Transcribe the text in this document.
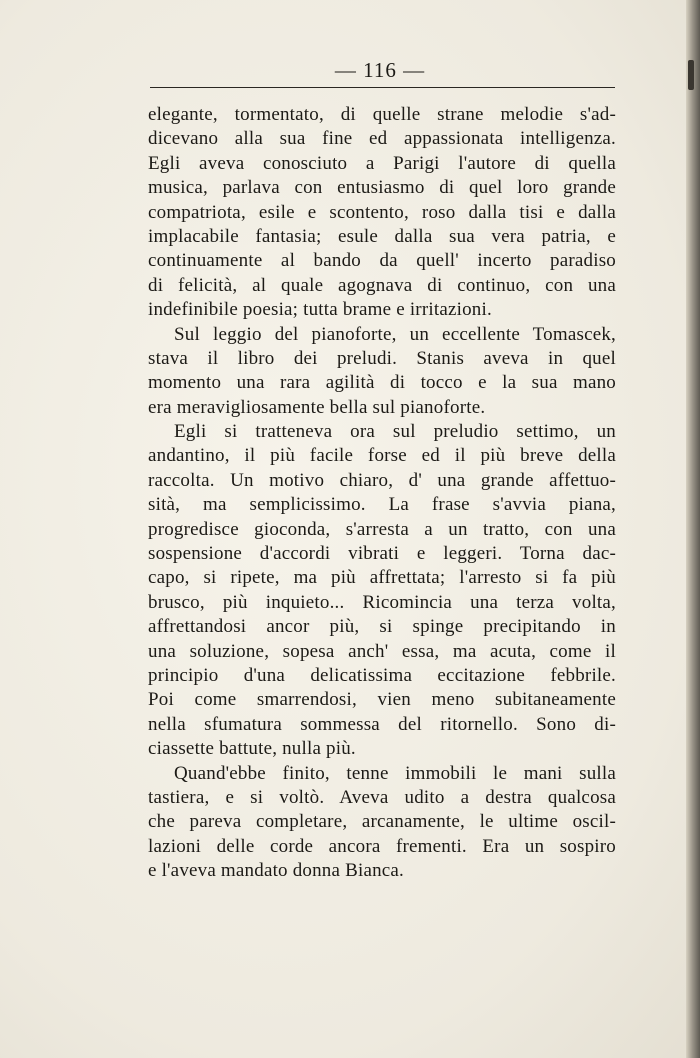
— 116 —
elegante, tormentato, di quelle strane melodie s'ad-
dicevano alla sua fine ed appassionata intelligenza.
Egli aveva conosciuto a Parigi l'autore di quella
musica, parlava con entusiasmo di quel loro grande
compatriota, esile e scontento, roso dalla tisi e dalla
implacabile fantasia; esule dalla sua vera patria, e
continuamente al bando da quell' incerto paradiso
di felicità, al quale agognava di continuo, con una
indefinibile poesia; tutta brame e irritazioni.
Sul leggio del pianoforte, un eccellente Tomascek,
stava il libro dei preludi. Stanis aveva in quel
momento una rara agilità di tocco e la sua mano
era meravigliosamente bella sul pianoforte.
Egli si tratteneva ora sul preludio settimo, un
andantino, il più facile forse ed il più breve della
raccolta. Un motivo chiaro, d' una grande affettuo-
sità, ma semplicissimo. La frase s'avvia piana,
progredisce gioconda, s'arresta a un tratto, con una
sospensione d'accordi vibrati e leggeri. Torna dac-
capo, si ripete, ma più affrettata; l'arresto si fa più
brusco, più inquieto... Ricomincia una terza volta,
affrettandosi ancor più, si spinge precipitando in
una soluzione, sopesa anch' essa, ma acuta, come il
principio d'una delicatissima eccitazione febbrile.
Poi come smarrendosi, vien meno subitaneamente
nella sfumatura sommessa del ritornello. Sono di-
ciassette battute, nulla più.
Quand'ebbe finito, tenne immobili le mani sulla
tastiera, e si voltò. Aveva udito a destra qualcosa
che pareva completare, arcanamente, le ultime oscil-
lazioni delle corde ancora frementi. Era un sospiro
e l'aveva mandato donna Bianca.
